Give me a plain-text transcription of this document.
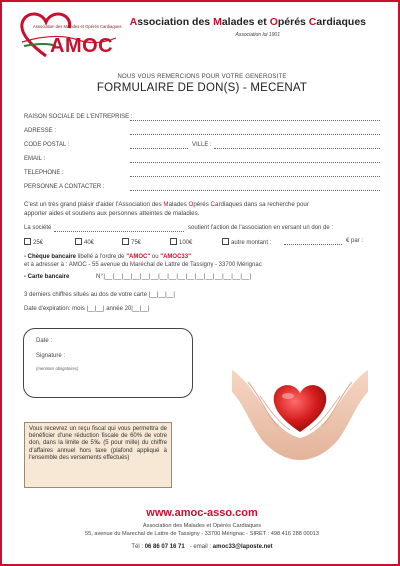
Association des Malades et Opérés Cardiaques
AMOC
Association des Malades et Opérés Cardiaques
Association loi 1901
NOUS VOUS REMERCIONS POUR VOTRE GENEROSITE
FORMULAIRE DE DON(S) - MECENAT
RAISON SOCIALE DE L'ENTREPRISE :
ADRESSE :
CODE POSTAL :	VILLE :
EMAIL :
TELEPHONE :
PERSONNE A CONTACTER :
C'est un très grand plaisir d'aider l'Association des Malades Opérés Cardiaques dans sa recherche pour
apporter aides et soutiens aux personnes atteintes de maladies.
La société	soutient l'action de l'association en versant un don de :
25€	40€	75€	100€	autre montant :	€ par :
- Chèque bancaire libellé à l'ordre de "AMOC" ou "AMOC33"
et à adresser à : AMOC - 55 avenue du Maréchal de Lattre de Tassigny - 33700 Mérignac
- Carte bancaire	N°|__|__|__|__|__|__|__|__|__|__|__|__|__|__|__|__|
3 derniers chiffres situés au dos de votre carte |__|__|__|
Date d'expiration: mois |__|__| année 20|__|__|
Date :
Signature :
(mentions obligatoires)
Vous recevrez un reçu fiscal qui vous permettra de bénéficier d'une réduction fiscale de 60% de votre don, dans la limite de 5‰ (5 pour mille) du chiffre d'affaires annuel hors taxe (plafond appliqué à l'ensemble des versements effectués)
www.amoc-asso.com
Association des Malades et Opérés Cardiaques
55, avenue du Marechal de Lattre de Tassigny - 33700 Mérignac - SIRET : 498 416 288 00013
Tél : 06 86 07 16 71 - email : amoc33@laposte.net
